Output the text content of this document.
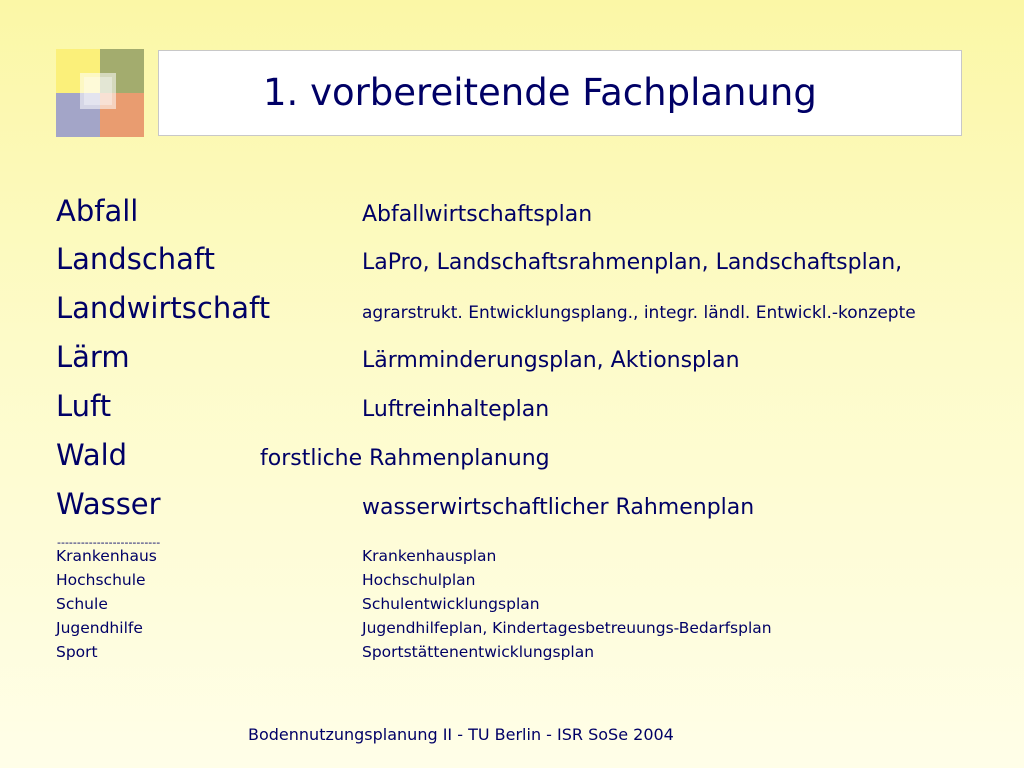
1. vorbereitende Fachplanung
Abfall	Abfallwirtschaftsplan
Landschaft	LaPro, Landschaftsrahmenplan, Landschaftsplan,
Landwirtschaft	agrarstrukt. Entwicklungsplang., integr. ländl. Entwickl.-konzepte
Lärm	Lärmminderungsplan, Aktionsplan
Luft	Luftreinhalteplan
Wald	forstliche Rahmenplanung
Wasser	wasserwirtschaftlicher Rahmenplan
--------------------------
Krankenhaus	Krankenhausplan
Hochschule	Hochschulplan
Schule	Schulentwicklungsplan
Jugendhilfe	Jugendhilfeplan, Kindertagesbetreuungs-Bedarfsplan
Sport	Sportstättenentwicklungsplan
Bodennutzungsplanung II - TU Berlin - ISR SoSe 2004
